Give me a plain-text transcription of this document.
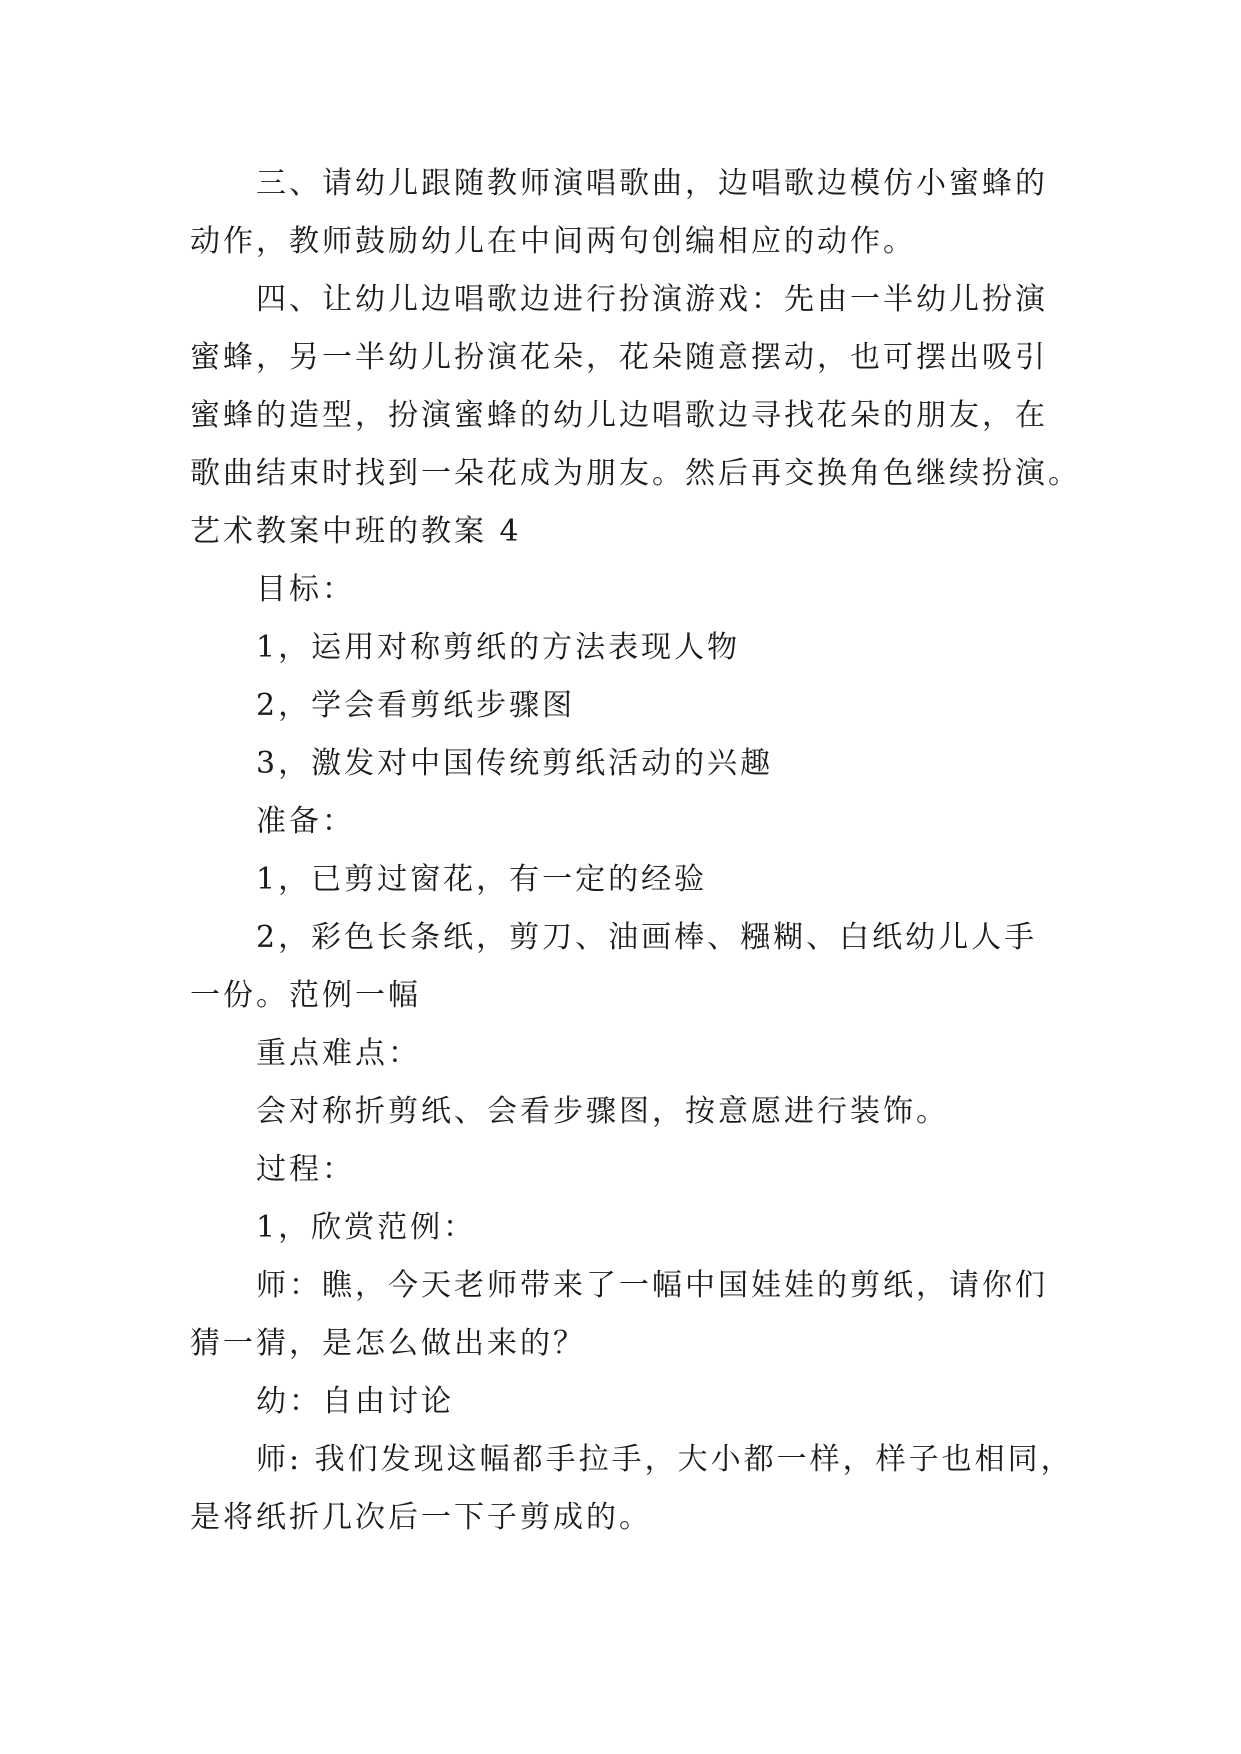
三、请幼儿跟随教师演唱歌曲，边唱歌边模仿小蜜蜂的
动作，教师鼓励幼儿在中间两句创编相应的动作。
四、让幼儿边唱歌边进行扮演游戏：先由一半幼儿扮演
蜜蜂，另一半幼儿扮演花朵，花朵随意摆动，也可摆出吸引
蜜蜂的造型，扮演蜜蜂的幼儿边唱歌边寻找花朵的朋友，在
歌曲结束时找到一朵花成为朋友。然后再交换角色继续扮演。
艺术教案中班的教案 4
目标：
1，运用对称剪纸的方法表现人物
2，学会看剪纸步骤图
3，激发对中国传统剪纸活动的兴趣
准备：
1，已剪过窗花，有一定的经验
2，彩色长条纸，剪刀、油画棒、糨糊、白纸幼儿人手
一份。范例一幅
重点难点：
会对称折剪纸、会看步骤图，按意愿进行装饰。
过程：
1，欣赏范例：
师：瞧，今天老师带来了一幅中国娃娃的剪纸，请你们
猜一猜，是怎么做出来的？
幼：自由讨论
师: 我们发现这幅都手拉手，大小都一样，样子也相同，
是将纸折几次后一下子剪成的。
